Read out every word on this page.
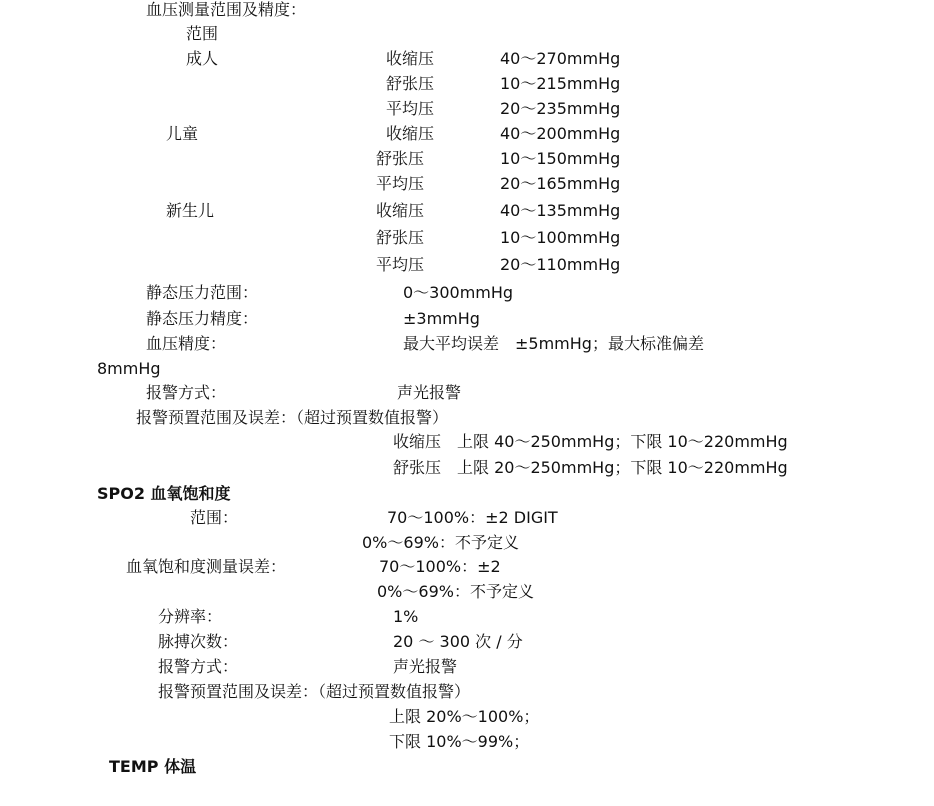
血压测量范围及精度：
范围
成人	收缩压	40～270mmHg
舒张压	10～215mmHg
平均压	20～235mmHg
儿童	收缩压	40～200mmHg
舒张压	10～150mmHg
平均压	20～165mmHg
新生儿	收缩压	40～135mmHg
舒张压	10～100mmHg
平均压	20～110mmHg
静态压力范围：	0～300mmHg
静态压力精度：	±3mmHg
血压精度：	最大平均误差　±5mmHg；最大标准偏差
8mmHg
报警方式：	声光报警
报警预置范围及误差：（超过预置数值报警）
收缩压　上限 40～250mmHg；下限 10～220mmHg
舒张压　上限 20～250mmHg；下限 10～220mmHg
SPO2 血氧饱和度
范围：	70～100%：±2 DIGIT
0%～69%：不予定义
血氧饱和度测量误差：	70～100%：±2
0%～69%：不予定义
分辨率：	1%
脉搏次数：	20 ～ 300 次 / 分
报警方式：	声光报警
报警预置范围及误差：（超过预置数值报警）
上限 20%～100%；
下限 10%～99%；
TEMP 体温
